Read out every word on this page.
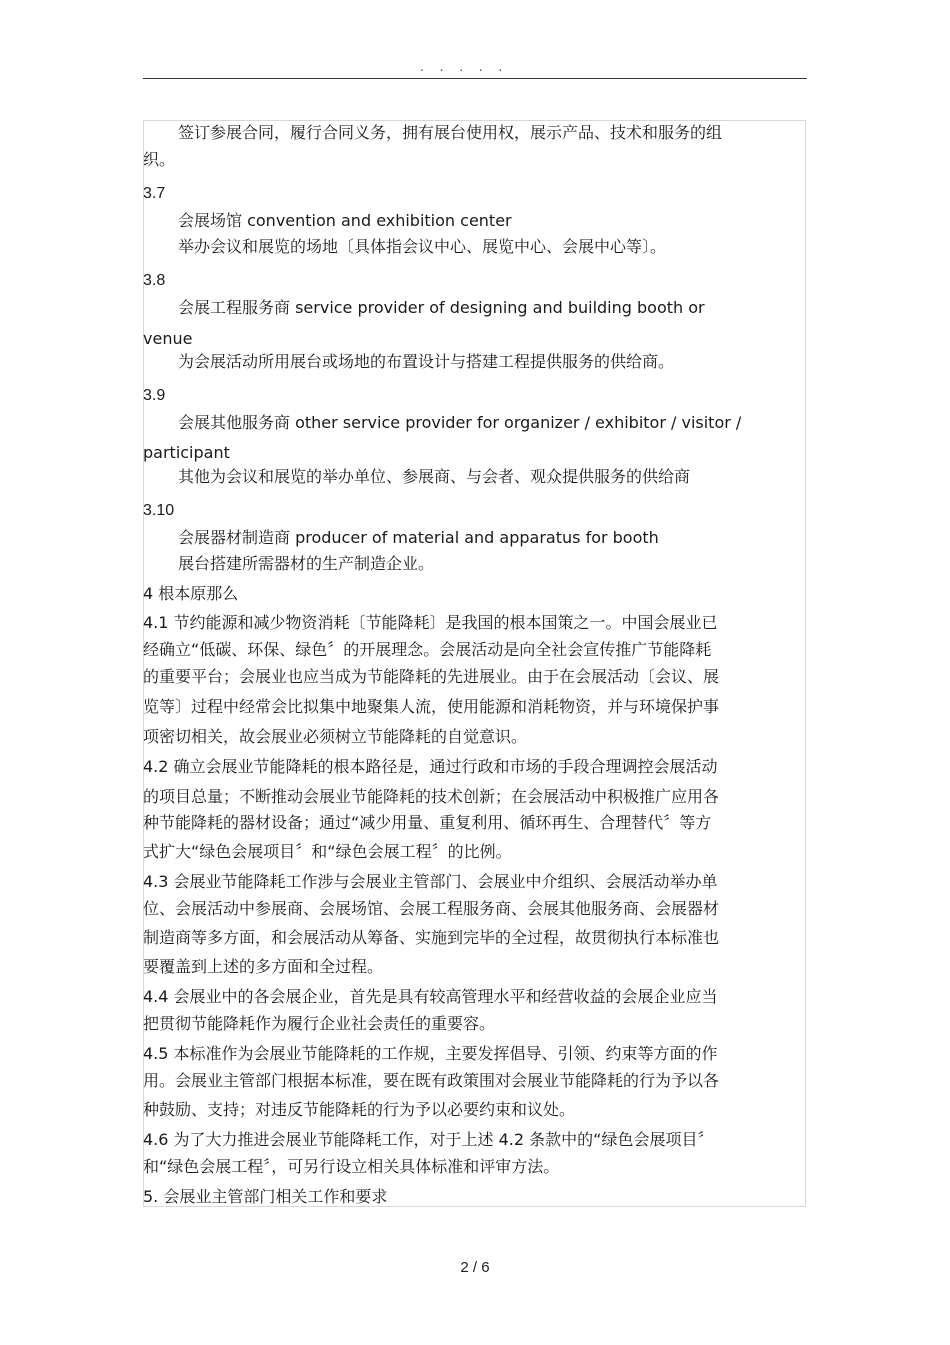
. . . . .
签订参展合同，履行合同义务，拥有展台使用权，展示产品、技术和服务的组
织。
3.7
会展场馆 convention and exhibition center
举办会议和展览的场地〔具体指会议中心、展览中心、会展中心等〕。
3.8
会展工程服务商 service provider of designing and building booth or
venue
为会展活动所用展台或场地的布置设计与搭建工程提供服务的供给商。
3.9
会展其他服务商 other service provider for organizer / exhibitor / visitor /
participant
其他为会议和展览的举办单位、参展商、与会者、观众提供服务的供给商
3.10
会展器材制造商 producer of material and apparatus for booth
展台搭建所需器材的生产制造企业。
4 根本原那么
4.1 节约能源和减少物资消耗〔节能降耗〕是我国的根本国策之一。中国会展业已
经确立“低碳、环保、绿色〞的开展理念。会展活动是向全社会宣传推广节能降耗
的重要平台；会展业也应当成为节能降耗的先进展业。由于在会展活动〔会议、展
览等〕过程中经常会比拟集中地聚集人流，使用能源和消耗物资，并与环境保护事
项密切相关，故会展业必须树立节能降耗的自觉意识。
4.2 确立会展业节能降耗的根本路径是，通过行政和市场的手段合理调控会展活动
的项目总量；不断推动会展业节能降耗的技术创新；在会展活动中积极推广应用各
种节能降耗的器材设备；通过“减少用量、重复利用、循环再生、合理替代〞等方
式扩大“绿色会展项目〞和“绿色会展工程〞的比例。
4.3 会展业节能降耗工作涉与会展业主管部门、会展业中介组织、会展活动举办单
位、会展活动中参展商、会展场馆、会展工程服务商、会展其他服务商、会展器材
制造商等多方面，和会展活动从筹备、实施到完毕的全过程，故贯彻执行本标准也
要覆盖到上述的多方面和全过程。
4.4 会展业中的各会展企业，首先是具有较高管理水平和经营收益的会展企业应当
把贯彻节能降耗作为履行企业社会责任的重要容。
4.5 本标准作为会展业节能降耗的工作规，主要发挥倡导、引领、约束等方面的作
用。会展业主管部门根据本标准，要在既有政策围对会展业节能降耗的行为予以各
种鼓励、支持；对违反节能降耗的行为予以必要约束和议处。
4.6 为了大力推进会展业节能降耗工作，对于上述 4.2 条款中的“绿色会展项目〞
和“绿色会展工程〞，可另行设立相关具体标准和评审方法。
5. 会展业主管部门相关工作和要求
2 / 6
